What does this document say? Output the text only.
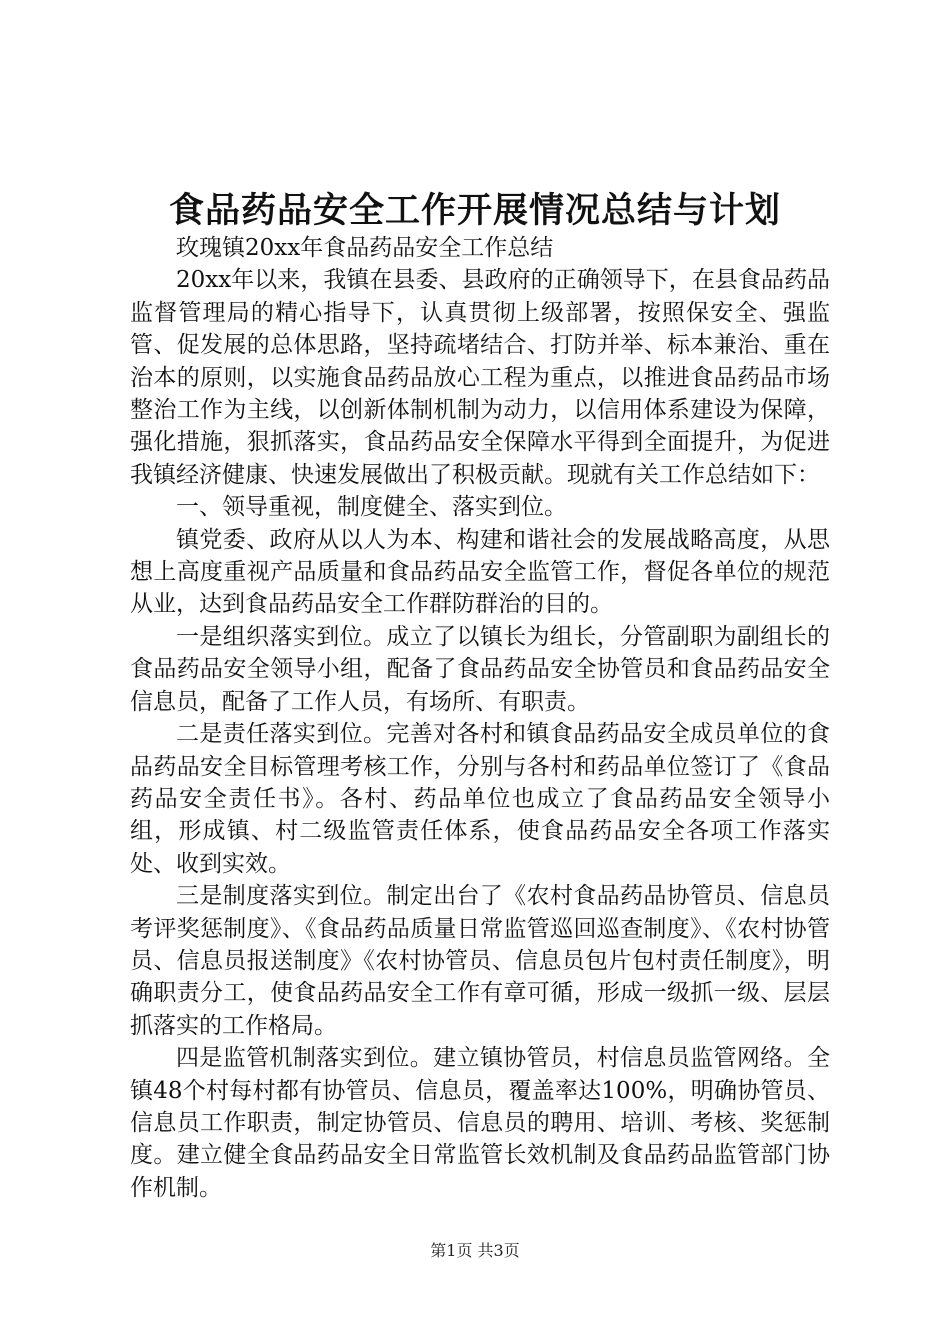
食品药品安全工作开展情况总结与计划

玫瑰镇20xx年食品药品安全工作总结

20xx年以来，我镇在县委、县政府的正确领导下，在县食品药品监督管理局的精心指导下，认真贯彻上级部署，按照保安全、强监管、促发展的总体思路，坚持疏堵结合、打防并举、标本兼治、重在治本的原则，以实施食品药品放心工程为重点，以推进食品药品市场整治工作为主线，以创新体制机制为动力，以信用体系建设为保障，强化措施，狠抓落实，食品药品安全保障水平得到全面提升，为促进我镇经济健康、快速发展做出了积极贡献。现就有关工作总结如下：

一、领导重视，制度健全、落实到位。

镇党委、政府从以人为本、构建和谐社会的发展战略高度，从思想上高度重视产品质量和食品药品安全监管工作，督促各单位的规范从业，达到食品药品安全工作群防群治的目的。

一是组织落实到位。成立了以镇长为组长，分管副职为副组长的食品药品安全领导小组，配备了食品药品安全协管员和食品药品安全信息员，配备了工作人员，有场所、有职责。

二是责任落实到位。完善对各村和镇食品药品安全成员单位的食品药品安全目标管理考核工作，分别与各村和药品单位签订了《食品药品安全责任书》。各村、药品单位也成立了食品药品安全领导小组，形成镇、村二级监管责任体系，使食品药品安全各项工作落实处、收到实效。

三是制度落实到位。制定出台了《农村食品药品协管员、信息员考评奖惩制度》、《食品药品质量日常监管巡回巡查制度》、《农村协管员、信息员报送制度》《农村协管员、信息员包片包村责任制度》，明确职责分工，使食品药品安全工作有章可循，形成一级抓一级、层层抓落实的工作格局。

四是监管机制落实到位。建立镇协管员，村信息员监管网络。全镇48个村每村都有协管员、信息员，覆盖率达100%，明确协管员、信息员工作职责，制定协管员、信息员的聘用、培训、考核、奖惩制度。建立健全食品药品安全日常监管长效机制及食品药品监管部门协作机制。

第1页 共3页
